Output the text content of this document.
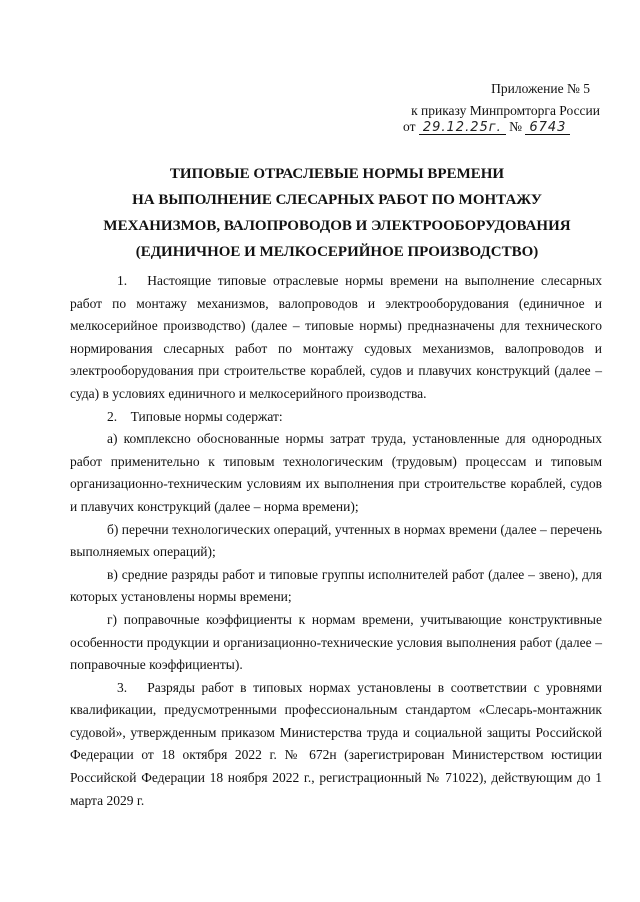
Приложение № 5
к приказу Минпромторга России
от 29.12.25г. № 6743
ТИПОВЫЕ ОТРАСЛЕВЫЕ НОРМЫ ВРЕМЕНИ
НА ВЫПОЛНЕНИЕ СЛЕСАРНЫХ РАБОТ ПО МОНТАЖУ
МЕХАНИЗМОВ, ВАЛОПРОВОДОВ И ЭЛЕКТРООБОРУДОВАНИЯ
(ЕДИНИЧНОЕ И МЕЛКОСЕРИЙНОЕ ПРОИЗВОДСТВО)

1.  Настоящие типовые отраслевые нормы времени на выполнение слесарных работ по монтажу механизмов, валопроводов и электрооборудования (единичное и мелкосерийное производство) (далее – типовые нормы) предназначены для технического нормирования слесарных работ по монтажу судовых механизмов, валопроводов и электрооборудования при строительстве кораблей, судов и плавучих конструкций (далее – суда) в условиях единичного и мелкосерийного производства.

2. Типовые нормы содержат:

а) комплексно обоснованные нормы затрат труда, установленные для однородных работ применительно к типовым технологическим (трудовым) процессам и типовым организационно-техническим условиям их выполнения при строительстве кораблей, судов и плавучих конструкций (далее – норма времени);

б) перечни технологических операций, учтенных в нормах времени (далее – перечень выполняемых операций);

в) средние разряды работ и типовые группы исполнителей работ (далее – звено), для которых установлены нормы времени;

г) поправочные коэффициенты к нормам времени, учитывающие конструктивные особенности продукции и организационно-технические условия выполнения работ (далее – поправочные коэффициенты).

3.  Разряды работ в типовых нормах установлены в соответствии с уровнями квалификации, предусмотренными профессиональным стандартом «Слесарь-монтажник судовой», утвержденным приказом Министерства труда и социальной защиты Российской Федерации от 18 октября 2022 г. № 672н (зарегистрирован Министерством юстиции Российской Федерации 18 ноября 2022 г., регистрационный № 71022), действующим до 1 марта 2029 г.
